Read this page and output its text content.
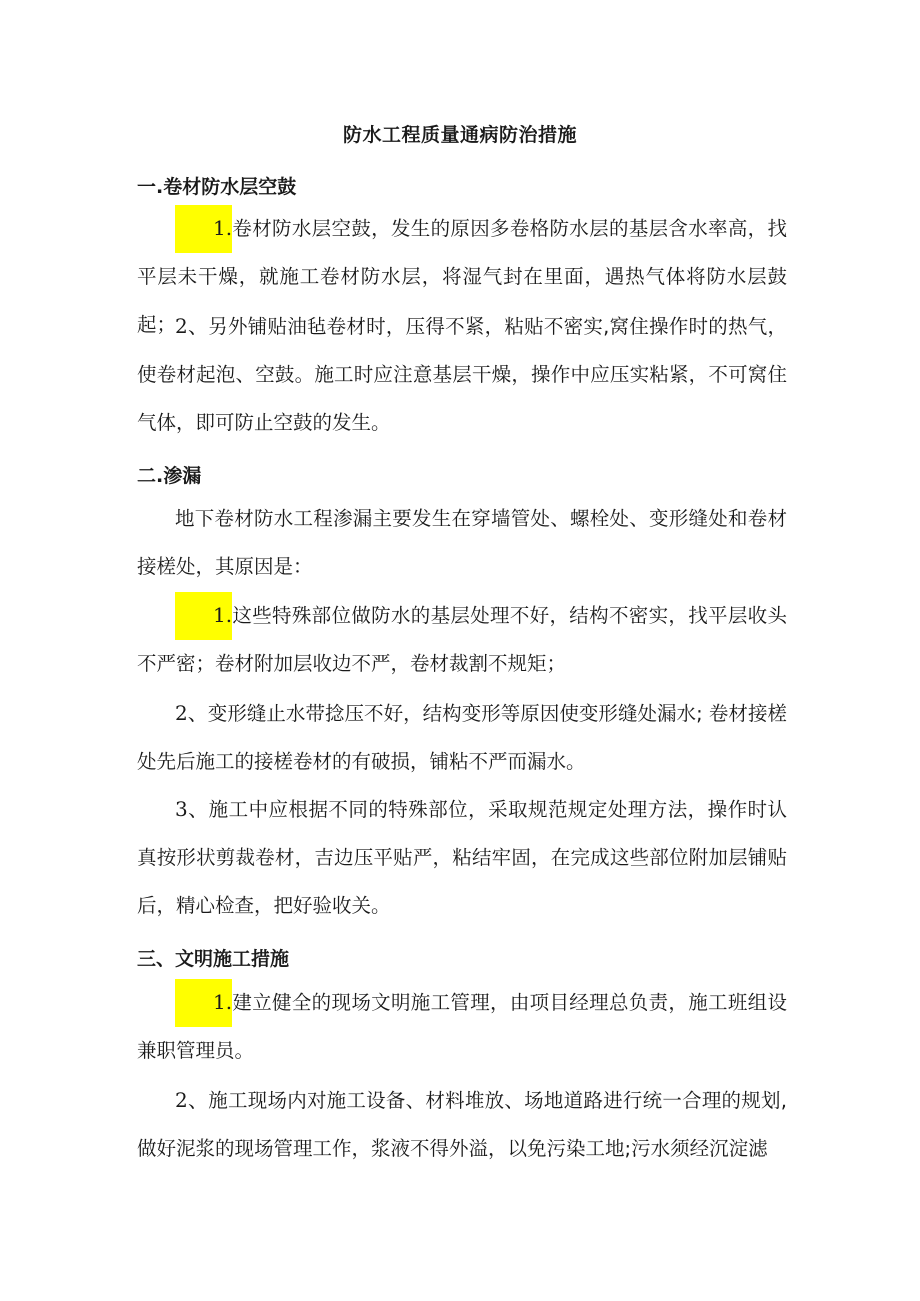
防水工程质量通病防治措施
一.卷材防水层空鼓
1.卷材防水层空鼓，发生的原因多卷格防水层的基层含水率高，找平层未干燥，就施工卷材防水层，将湿气封在里面，遇热气体将防水层鼓起；
2、另外铺贴油毡卷材时，压得不紧，粘贴不密实,窝住操作时的热气，使卷材起泡、空鼓。施工时应注意基层干燥，操作中应压实粘紧，不可窝住气体，即可防止空鼓的发生。
二.渗漏
地下卷材防水工程渗漏主要发生在穿墙管处、螺栓处、变形缝处和卷材接槎处，其原因是：
1.这些特殊部位做防水的基层处理不好，结构不密实，找平层收头不严密；卷材附加层收边不严，卷材裁割不规矩；
2、变形缝止水带捻压不好，结构变形等原因使变形缝处漏水; 卷材接槎处先后施工的接槎卷材的有破损，铺粘不严而漏水。
3、施工中应根据不同的特殊部位，采取规范规定处理方法，操作时认真按形状剪裁卷材，吉边压平贴严，粘结牢固，在完成这些部位附加层铺贴后，精心检查，把好验收关。
三、文明施工措施
1.建立健全的现场文明施工管理，由项目经理总负责，施工班组设兼职管理员。
2、施工现场内对施工设备、材料堆放、场地道路进行统一合理的规划,做好泥浆的现场管理工作，浆液不得外溢，以免污染工地;污水须经沉淀滤
